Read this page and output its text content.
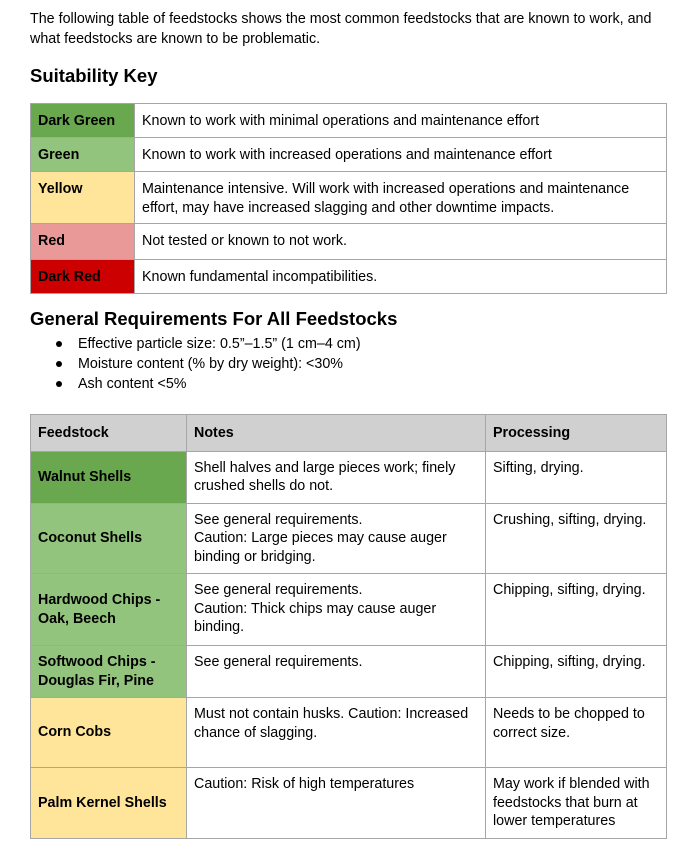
The following table of feedstocks shows the most common feedstocks that are known to work, and what feedstocks are known to be problematic.

Suitability Key
Dark Green	Known to work with minimal operations and maintenance effort
Green	Known to work with increased operations and maintenance effort
Yellow	Maintenance intensive. Will work with increased operations and maintenance effort, may have increased slagging and other downtime impacts.
Red	Not tested or known to not work.
Dark Red	Known fundamental incompatibilities.
General Requirements For All Feedstocks
Effective particle size: 0.5”–1.5” (1 cm–4 cm)
Moisture content (% by dry weight): <30%
Ash content <5%
Feedstock	Notes	Processing
Walnut Shells	Shell halves and large pieces work; finely crushed shells do not.	Sifting, drying.
Coconut Shells	See general requirements.
Caution: Large pieces may cause auger binding or bridging.	Crushing, sifting, drying.
Hardwood Chips - Oak, Beech	See general requirements.
Caution: Thick chips may cause auger binding.	Chipping, sifting, drying.
Softwood Chips - Douglas Fir, Pine	See general requirements.	Chipping, sifting, drying.
Corn Cobs	Must not contain husks. Caution: Increased chance of slagging.	Needs to be chopped to correct size.
Palm Kernel Shells	Caution: Risk of high temperatures	May work if blended with feedstocks that burn at lower temperatures
